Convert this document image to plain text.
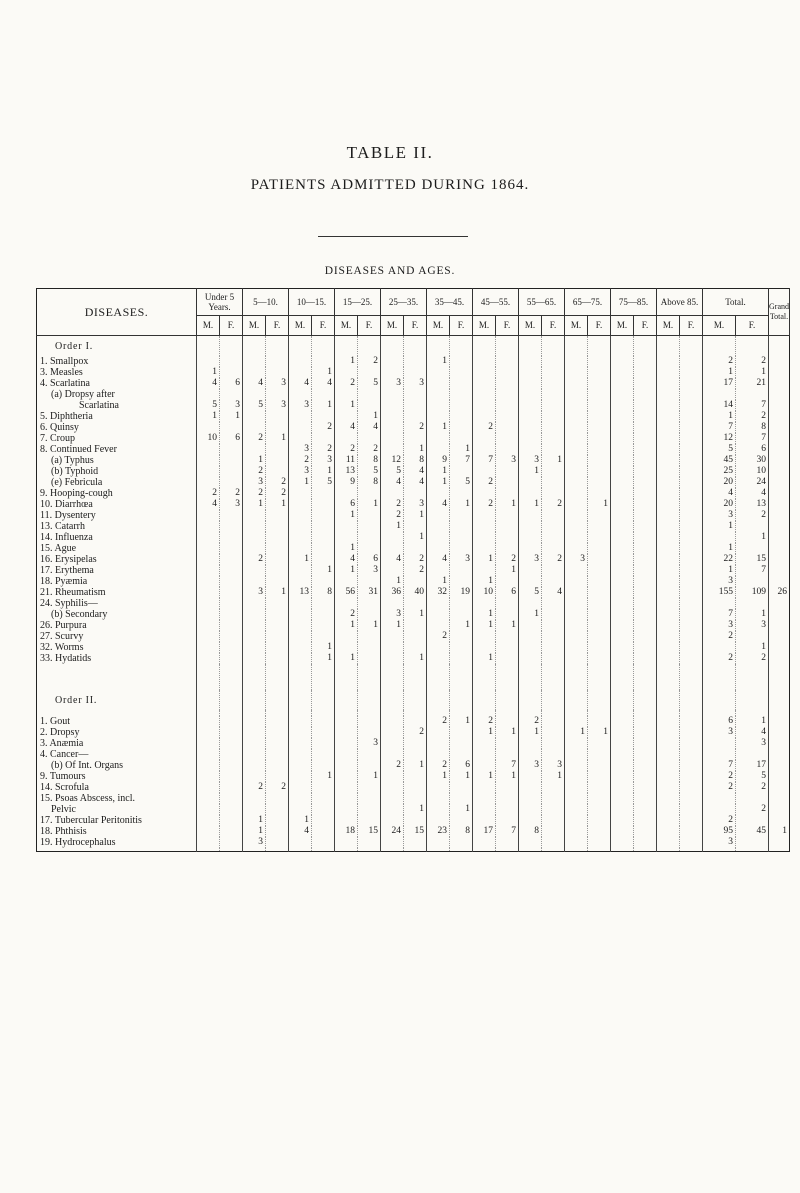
TABLE II.
PATIENTS ADMITTED DURING 1864.
DISEASES AND AGES.
DISEASES.	Under 5 Years.		5—10.		10—15.		15—25.		25—35.		35—45.		45—55.		55—65.		65—75.		75—85.		Above 85.		Total.		Grand Total.
	M.	F.	M.	F.	M.	F.	M.	F.	M.	F.	M.	F.	M.	F.	M.	F.	M.	F.	M.	F.	M.	F.	M.	F.	
Order I.																									
1. Smallpox							1	2			1												2	2	
3. Measles	1					1																	1	1	
4. Scarlatina	4	6	4	3	4	4	2	5	3	3													17	21	
(a) Dropsy after																									
Scarlatina	5	3	5	3	3	1	1																14	7	
5. Diphtheria	1	1						1															1	2	
6. Quinsy						2	4	4		2	1		2										7	8	
7. Croup	10	6	2	1																			12	7	
8. Continued Fever					3	2	2	2		1		1											5	6	
(a) Typhus			1		2	3	11	8	12	8	9	7	7	3	3	1							45	30	
(b) Typhoid			2		3	1	13	5	5	4	1				1								25	10	
(e) Febricula			3	2	1	5	9	8	4	4	1	5	2										20	24	
9. Hooping-cough	2	2	2	2																			4	4	
10. Diarrhœa	4	3	1	1			6	1	2	3	4	1	2	1	1	2		1					20	13	
11. Dysentery							1		2	1													3	2	
13. Catarrh									1														1		
14. Influenza										1														1	
15. Ague							1																1		
16. Erysipelas			2		1		4	6	4	2	4	3	1	2	3	2	3						22	15	
17. Erythema						1	1	3		2				1									1	7	
18. Pyæmia									1		1		1										3		
21. Rheumatism			3	1	13	8	56	31	36	40	32	19	10	6	5	4							155	109	26
24. Syphilis—																									
(b) Secondary							2		3	1			1		1								7	1	
26. Purpura							1	1	1			1	1	1									3	3	
27. Scurvy											2												2		
32. Worms						1																		1	
33. Hydatids						1	1			1			1										2	2	

Order II.																									

1. Gout											2	1	2		2								6	1	
2. Dropsy										2			1	1	1		1	1					3	4	
3. Anæmia								3																3	
4. Cancer—																									
(b) Of Int. Organs									2	1	2	6		7	3	3							7	17	
9. Tumours						1		1			1	1	1	1		1							2	5	
14. Scrofula			2	2																			2	2	
15. Psoas Abscess, incl.																									
Pelvic										1		1												2	
17. Tubercular Peritonitis			1		1																		2		
18. Phthisis			1		4		18	15	24	15	23	8	17	7	8								95	45	1
19. Hydrocephalus			3																				3		
